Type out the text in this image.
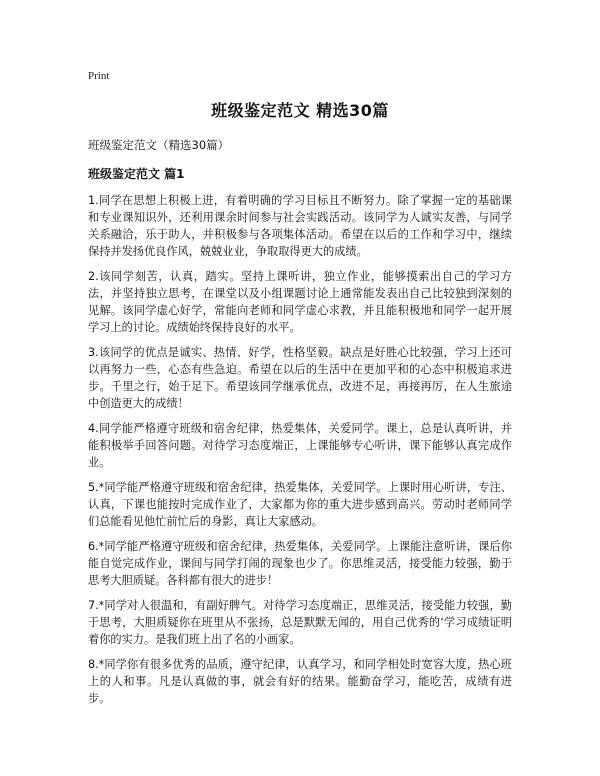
Print
班级鉴定范文 精选30篇
班级鉴定范文（精选30篇）
班级鉴定范文 篇1

1.同学在思想上积极上进，有着明确的学习目标且不断努力。除了掌握一定的基础课和专业课知识外，还利用课余时间参与社会实践活动。该同学为人诚实友善，与同学关系融洽，乐于助人，并积极参与各项集体活动。希望在以后的工作和学习中，继续保持并发扬优良作风，兢兢业业，争取取得更大的成绩。

2.该同学刻苦，认真，踏实。坚持上课听讲，独立作业，能够摸索出自己的学习方法，并坚持独立思考，在课堂以及小组课题讨论上通常能发表出自己比较独到深刻的见解。该同学虚心好学，常能向老师和同学虚心求教，并且能积极地和同学一起开展学习上的讨论。成绩始终保持良好的水平。

3.该同学的优点是诚实、热情、好学，性格坚毅。缺点是好胜心比较强，学习上还可以再努力一些，心态有些急迫。希望在以后的生活中在更加平和的心态中积极追求进步。千里之行，始于足下。希望该同学继承优点，改进不足，再接再厉，在人生旅途中创造更大的成绩！

4.同学能严格遵守班级和宿舍纪律，热爱集体，关爱同学。课上，总是认真听讲，并能积极举手回答问题。对待学习态度端正，上课能够专心听讲，课下能够认真完成作业。

5.*同学能严格遵守班级和宿舍纪律，热爱集体，关爱同学。上课时用心听讲，专注、认真，下课也能按时完成作业了，大家都为你的重大进步感到高兴。劳动时老师同学们总能看见他忙前忙后的身影，真让大家感动。

6.*同学能严格遵守班级和宿舍纪律，热爱集体，关爱同学。上课能注意听讲，课后你能自觉完成作业，课间与同学打闹的现象也少了。你思维灵活，接受能力较强，勤于思考大胆质疑。各科都有很大的进步！

7.*同学对人很温和，有副好脾气。对待学习态度端正，思维灵活，接受能力较强，勤于思考，大胆质疑你在班里从不张扬，总是默默无闻的，用自己优秀的‘学习成绩证明着你的实力。是我们班上出了名的小画家。

8.*同学你有很多优秀的品质，遵守纪律，认真学习，和同学相处时宽容大度，热心班上的人和事。凡是认真做的事，就会有好的结果。能勤奋学习，能吃苦，成绩有进步。
